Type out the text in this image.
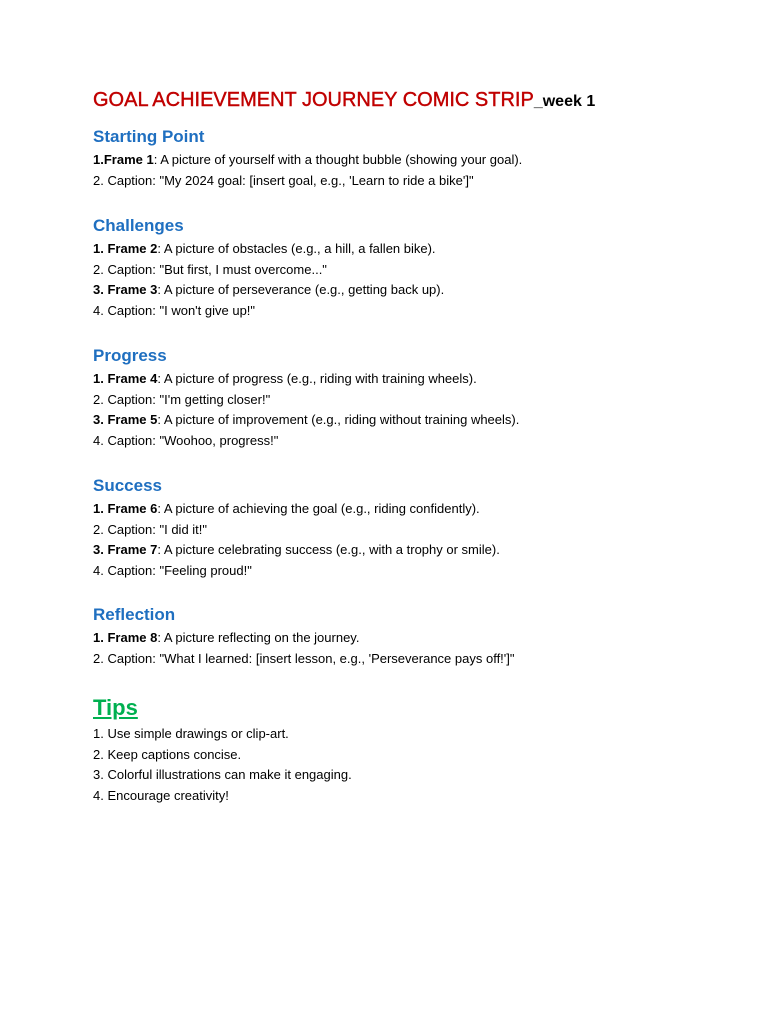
GOAL ACHIEVEMENT JOURNEY COMIC STRIP_week 1
Starting Point
1.Frame 1: A picture of yourself with a thought bubble (showing your goal).
2. Caption: "My 2024 goal: [insert goal, e.g., 'Learn to ride a bike']"
Challenges
1. Frame 2: A picture of obstacles (e.g., a hill, a fallen bike).
2. Caption: "But first, I must overcome..."
3. Frame 3: A picture of perseverance (e.g., getting back up).
4. Caption: "I won't give up!"
Progress
1. Frame 4: A picture of progress (e.g., riding with training wheels).
2. Caption: "I'm getting closer!"
3. Frame 5: A picture of improvement (e.g., riding without training wheels).
4. Caption: "Woohoo, progress!"
Success
1. Frame 6: A picture of achieving the goal (e.g., riding confidently).
2. Caption: "I did it!"
3. Frame 7: A picture celebrating success (e.g., with a trophy or smile).
4. Caption: "Feeling proud!"
Reflection
1. Frame 8: A picture reflecting on the journey.
2. Caption: "What I learned: [insert lesson, e.g., 'Perseverance pays off!']"
Tips
1. Use simple drawings or clip-art.
2. Keep captions concise.
3. Colorful illustrations can make it engaging.
4. Encourage creativity!
